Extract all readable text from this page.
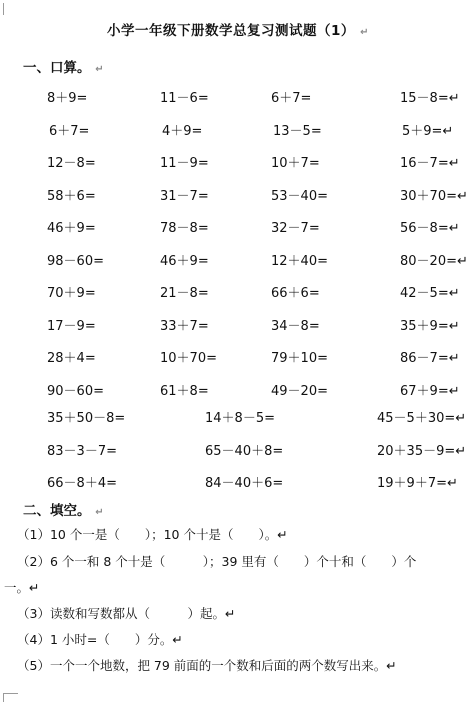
小学一年级下册数学总复习测试题（1） ↵
一、口算。 ↵
8＋9=	11－6=	6＋7=	15－8=↵
6＋7=	4＋9=	13－5=	5＋9=↵
12－8=	11－9=	10＋7=	16－7=↵
58＋6=	31－7=	53－40=	30＋70=↵
46＋9=	78－8=	32－7=	56－8=↵
98－60=	46＋9=	12＋40=	80－20=↵
70＋9=	21－8=	66＋6=	42－5=↵
17－9=	33＋7=	34－8=	35＋9=↵
28＋4=	10＋70=	79＋10=	86－7=↵
90－60=	61＋8=	49－20=	67＋9=↵
35＋50－8=	14＋8－5=	45－5＋30=↵
83－3－7=	65－40＋8=	20＋35－9=↵
66－8＋4=	84－40＋6=	19＋9＋7=↵
二、填空。 ↵
（1）10 个一是（　　）；10 个十是（　　）。↵
（2）6 个一和 8 个十是（　　　）；39 里有（　　）个十和（　　）个
一。↵
（3）读数和写数都从（　　　）起。↵
（4）1 小时=（　　）分。↵
（5）一个一个地数，把 79 前面的一个数和后面的两个数写出来。↵
